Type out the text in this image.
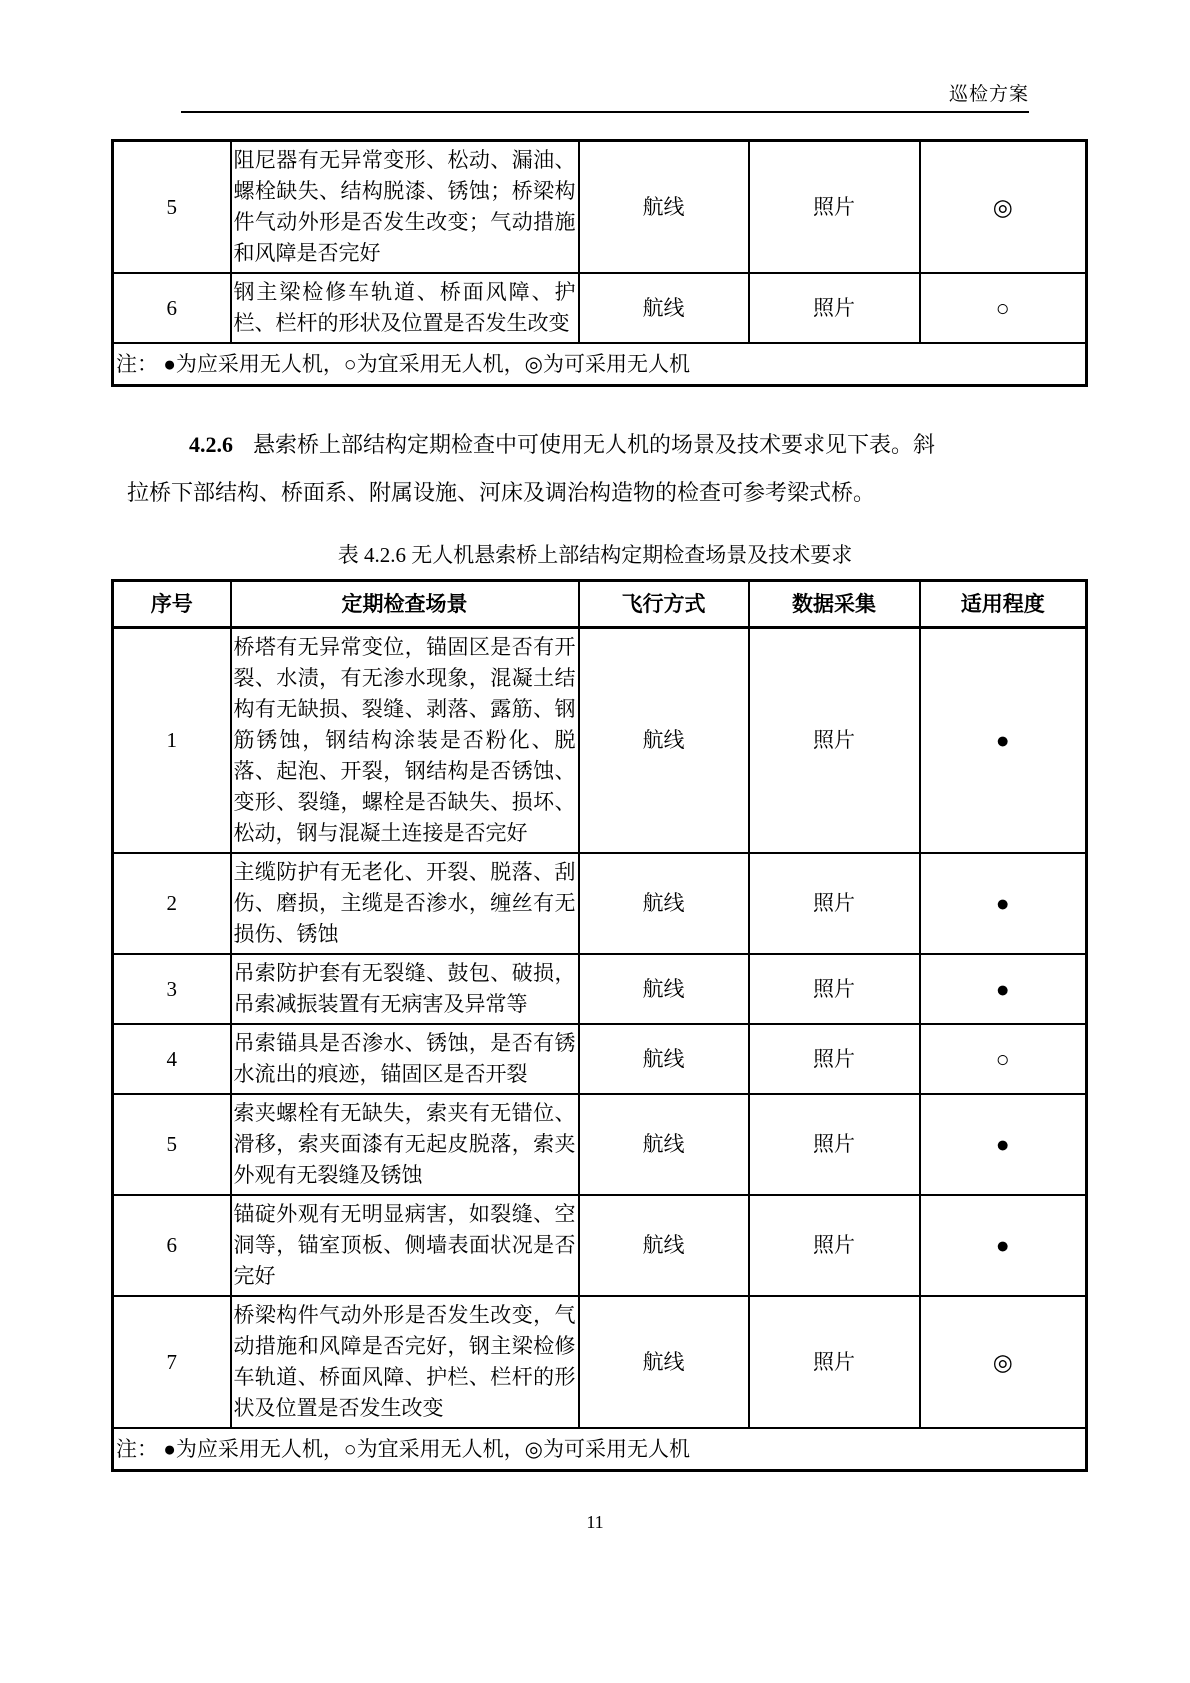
巡检方案
5	阻尼器有无异常变形、松动、漏油、螺栓缺失、结构脱漆、锈蚀；桥梁构件气动外形是否发生改变；气动措施和风障是否完好	航线	照片	◎
6	钢主梁检修车轨道、桥面风障、护栏、栏杆的形状及位置是否发生改变	航线	照片	○
注： ●为应采用无人机，○为宜采用无人机，◎为可采用无人机				

4.2.6 悬索桥上部结构定期检查中可使用无人机的场景及技术要求见下表。斜
拉桥下部结构、桥面系、附属设施、河床及调治构造物的检查可参考梁式桥。

表 4.2.6 无人机悬索桥上部结构定期检查场景及技术要求
序号	定期检查场景	飞行方式	数据采集	适用程度
1	桥塔有无异常变位，锚固区是否有开裂、水渍，有无渗水现象，混凝土结构有无缺损、裂缝、剥落、露筋、钢筋锈蚀，钢结构涂装是否粉化、脱落、起泡、开裂，钢结构是否锈蚀、变形、裂缝，螺栓是否缺失、损坏、松动，钢与混凝土连接是否完好	航线	照片	●
2	主缆防护有无老化、开裂、脱落、刮伤、磨损，主缆是否渗水，缠丝有无损伤、锈蚀	航线	照片	●
3	吊索防护套有无裂缝、鼓包、破损，吊索减振装置有无病害及异常等	航线	照片	●
4	吊索锚具是否渗水、锈蚀，是否有锈水流出的痕迹，锚固区是否开裂	航线	照片	○
5	索夹螺栓有无缺失，索夹有无错位、滑移，索夹面漆有无起皮脱落，索夹外观有无裂缝及锈蚀	航线	照片	●
6	锚碇外观有无明显病害，如裂缝、空洞等，锚室顶板、侧墙表面状况是否完好	航线	照片	●
7	桥梁构件气动外形是否发生改变，气动措施和风障是否完好，钢主梁检修车轨道、桥面风障、护栏、栏杆的形状及位置是否发生改变	航线	照片	◎
注： ●为应采用无人机，○为宜采用无人机，◎为可采用无人机				
11
